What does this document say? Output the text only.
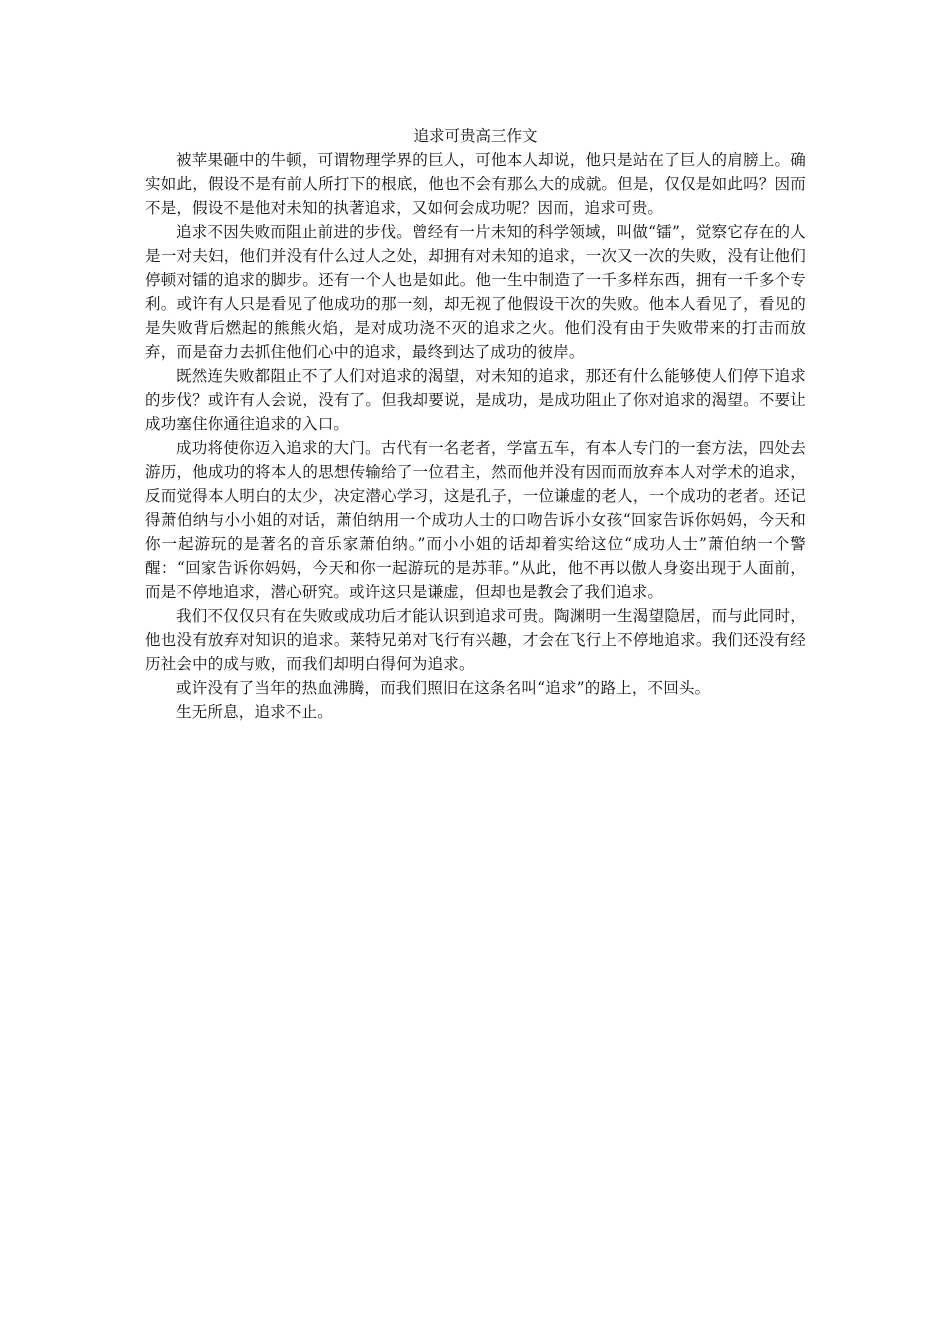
追求可贵高三作文

被苹果砸中的牛顿，可谓物理学界的巨人，可他本人却说，他只是站在了巨人的肩膀上。确实如此，假设不是有前人所打下的根底，他也不会有那么大的成就。但是，仅仅是如此吗？因而不是，假设不是他对未知的执著追求，又如何会成功呢？因而，追求可贵。

追求不因失败而阻止前进的步伐。曾经有一片未知的科学领域，叫做“镭”，觉察它存在的人是一对夫妇，他们并没有什么过人之处，却拥有对未知的追求，一次又一次的失败，没有让他们停顿对镭的追求的脚步。还有一个人也是如此。他一生中制造了一千多样东西，拥有一千多个专利。或许有人只是看见了他成功的那一刻，却无视了他假设干次的失败。他本人看见了，看见的是失败背后燃起的熊熊火焰，是对成功浇不灭的追求之火。他们没有由于失败带来的打击而放弃，而是奋力去抓住他们心中的追求，最终到达了成功的彼岸。

既然连失败都阻止不了人们对追求的渴望，对未知的追求，那还有什么能够使人们停下追求的步伐？或许有人会说，没有了。但我却要说，是成功，是成功阻止了你对追求的渴望。不要让成功塞住你通往追求的入口。

成功将使你迈入追求的大门。古代有一名老者，学富五车，有本人专门的一套方法，四处去游历，他成功的将本人的思想传输给了一位君主，然而他并没有因而而放弃本人对学术的追求，反而觉得本人明白的太少，决定潜心学习，这是孔子，一位谦虚的老人，一个成功的老者。还记得萧伯纳与小小姐的对话，萧伯纳用一个成功人士的口吻告诉小女孩“回家告诉你妈妈，今天和你一起游玩的是著名的音乐家萧伯纳。”而小小姐的话却着实给这位“成功人士”萧伯纳一个警醒：“回家告诉你妈妈，今天和你一起游玩的是苏菲。”从此，他不再以傲人身姿出现于人面前，而是不停地追求，潜心研究。或许这只是谦虚，但却也是教会了我们追求。

我们不仅仅只有在失败或成功后才能认识到追求可贵。陶渊明一生渴望隐居，而与此同时，他也没有放弃对知识的追求。莱特兄弟对飞行有兴趣，才会在飞行上不停地追求。我们还没有经历社会中的成与败，而我们却明白得何为追求。

或许没有了当年的热血沸腾，而我们照旧在这条名叫“追求”的路上，不回头。

生无所息，追求不止。
